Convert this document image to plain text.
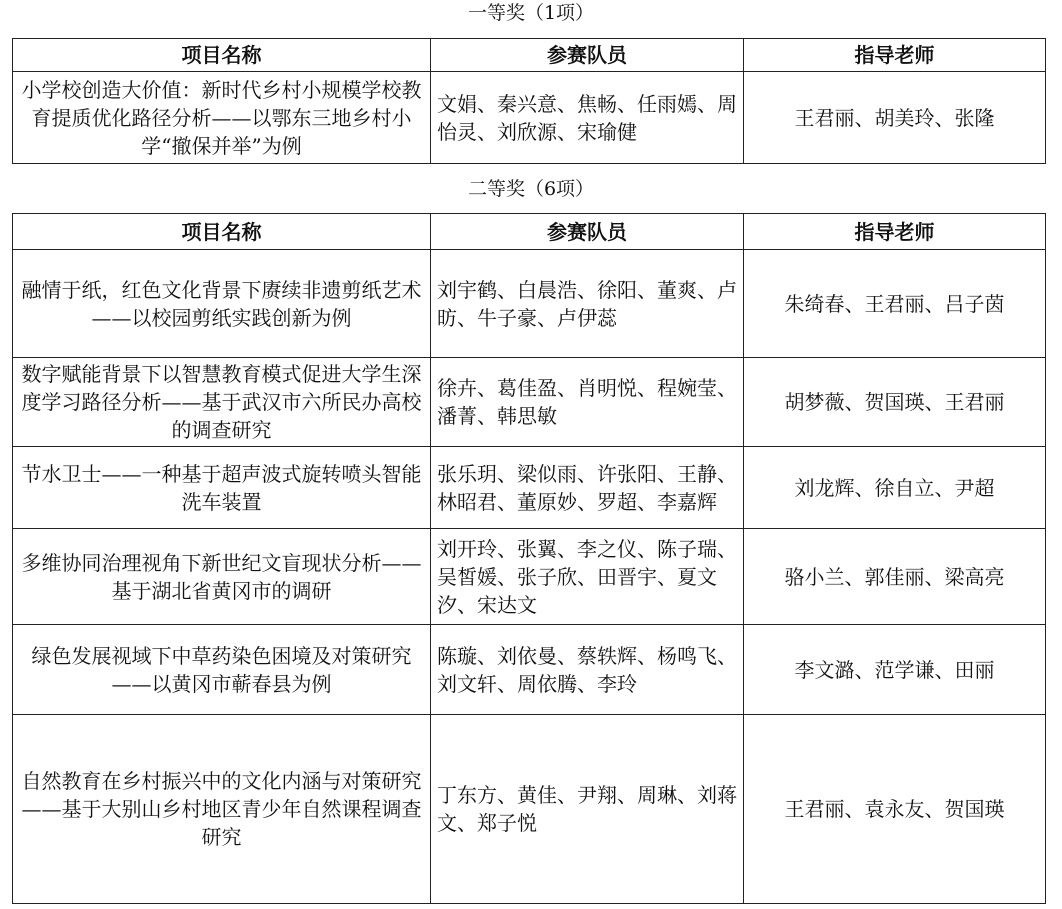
一等奖（1项）
项目名称	参赛队员	指导老师
小学校创造大价值：新时代乡村小规模学校教育提质优化路径分析——以鄂东三地乡村小学“撤保并举”为例	文娟、秦兴意、焦畅、任雨嫣、周怡灵、刘欣源、宋瑜健	王君丽、胡美玲、张隆
二等奖（6项）
项目名称	参赛队员	指导老师
融情于纸，红色文化背景下赓续非遗剪纸艺术——以校园剪纸实践创新为例	刘宇鹤、白晨浩、徐阳、董爽、卢昉、牛子豪、卢伊蕊	朱绮春、王君丽、吕子茵
数字赋能背景下以智慧教育模式促进大学生深度学习路径分析——基于武汉市六所民办高校的调查研究	徐卉、葛佳盈、肖明悦、程婉莹、潘菁、韩思敏	胡梦薇、贺国瑛、王君丽
节水卫士——一种基于超声波式旋转喷头智能洗车装置	张乐玥、梁似雨、许张阳、王静、林昭君、董原妙、罗超、李嘉辉	刘龙辉、徐自立、尹超
多维协同治理视角下新世纪文盲现状分析——基于湖北省黄冈市的调研	刘开玲、张翼、李之仪、陈子瑞、吴皙媛、张子欣、田晋宇、夏文汐、宋达文	骆小兰、郭佳丽、梁高亮
绿色发展视域下中草药染色困境及对策研究——以黄冈市蕲春县为例	陈璇、刘依曼、蔡轶辉、杨鸣飞、刘文轩、周依腾、李玲	李文潞、范学谦、田丽
自然教育在乡村振兴中的文化内涵与对策研究——基于大别山乡村地区青少年自然课程调查研究	丁东方、黄佳、尹翔、周琳、刘蒋文、郑子悦	王君丽、袁永友、贺国瑛
